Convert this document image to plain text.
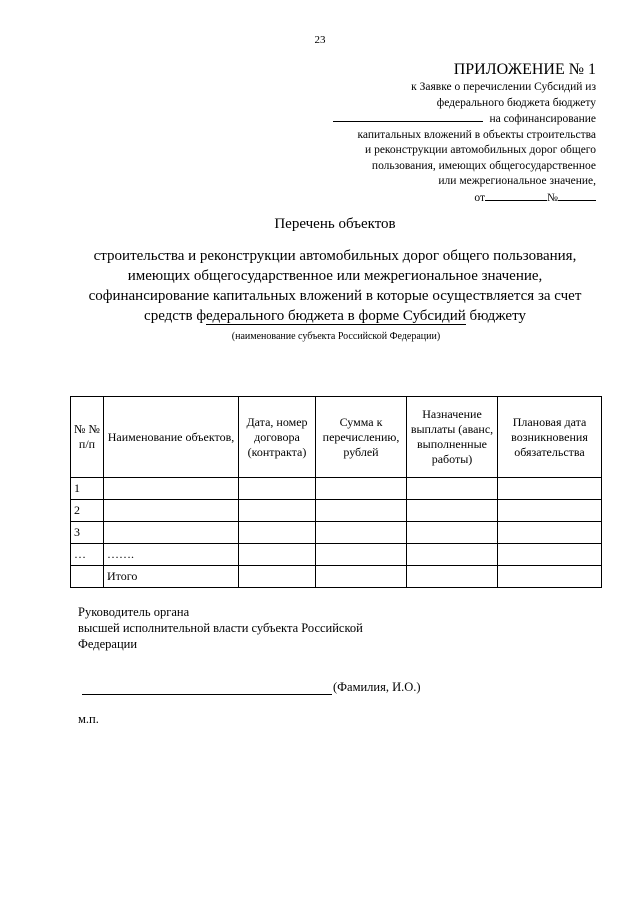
23
ПРИЛОЖЕНИЕ № 1
к Заявке о перечислении Субсидий из
федерального бюджета бюджету
на софинансирование
капитальных вложений в объекты строительства
и реконструкции автомобильных дорог общего
пользования, имеющих общегосударственное
или межрегиональное значение,
от	№
Перечень объектов
строительства и реконструкции автомобильных дорог общего пользования,
имеющих общегосударственное или межрегиональное значение,
софинансирование капитальных вложений в которые осуществляется за счет
средств федерального бюджета в форме Субсидий бюджету
(наименование субъекта Российской Федерации)
№ № п/п	Наименование объектов,	Дата, номер договора (контракта)	Сумма к перечислению, рублей	Назначение выплаты (аванс, выполненные работы)	Плановая дата возникновения обязательства
1					
2					
3					
…	…….				
	Итого				
Руководитель органа
высшей исполнительной власти субъекта Российской
Федерации
(Фамилия, И.О.)
м.п.
